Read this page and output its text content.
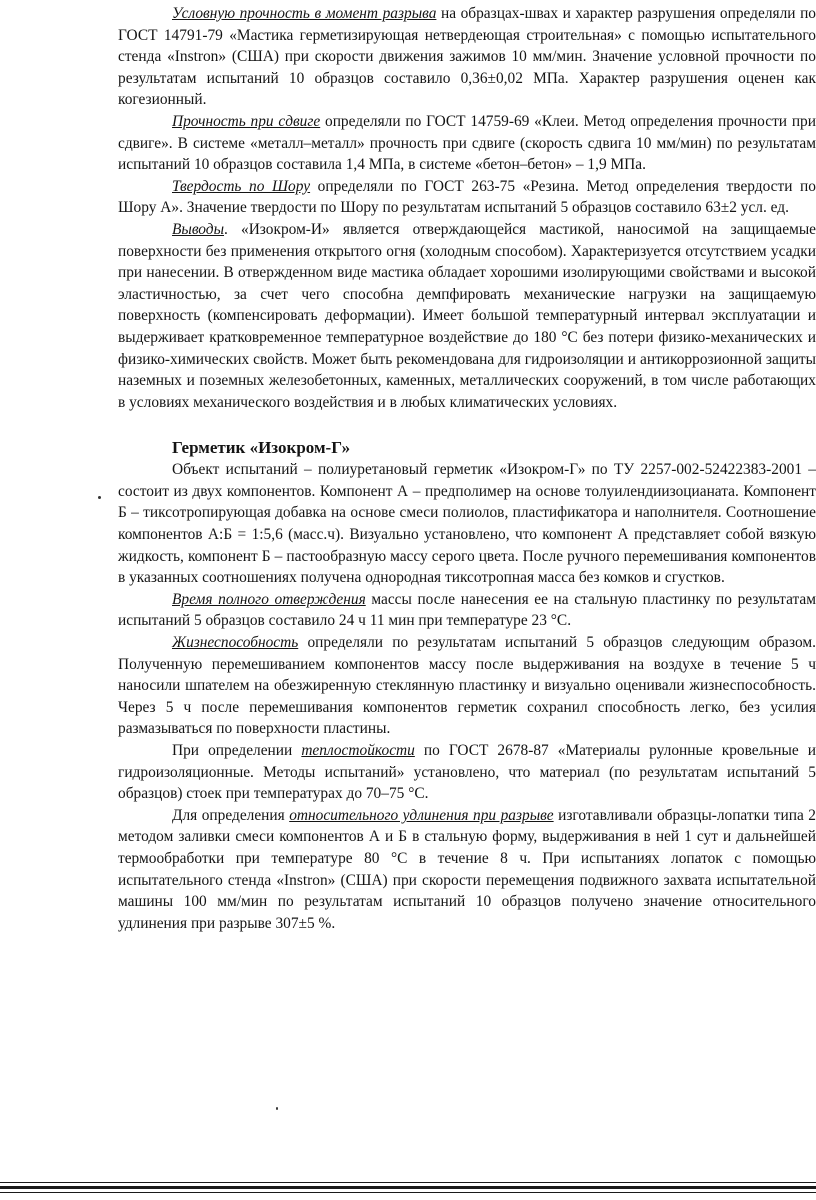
Условную прочность в момент разрыва на образцах-швах и характер разрушения определяли по ГОСТ 14791-79 «Мастика герметизирующая нетвердеющая строительная» с помощью испытательного стенда «Instron» (США) при скорости движения зажимов 10 мм/мин. Значение условной прочности по результатам испытаний 10 образцов составило 0,36±0,02 МПа. Характер разрушения оценен как когезионный.

Прочность при сдвиге определяли по ГОСТ 14759-69 «Клеи. Метод определения прочности при сдвиге». В системе «металл–металл» прочность при сдвиге (скорость сдвига 10 мм/мин) по результатам испытаний 10 образцов составила 1,4 МПа, в системе «бетон–бетон» – 1,9 МПа.

Твердость по Шору определяли по ГОСТ 263-75 «Резина. Метод определения твердости по Шору А». Значение твердости по Шору по результатам испытаний 5 образцов составило 63±2 усл. ед.

Выводы. «Изокром-И» является отверждающейся мастикой, наносимой на защищаемые поверхности без применения открытого огня (холодным способом). Характеризуется отсутствием усадки при нанесении. В отвержденном виде мастика обладает хорошими изолирующими свойствами и высокой эластичностью, за счет чего способна демпфировать механические нагрузки на защищаемую поверхность (компенсировать деформации). Имеет большой температурный интервал эксплуатации и выдерживает кратковременное температурное воздействие до 180 °С без потери физико-механических и физико-химических свойств. Может быть рекомендована для гидроизоляции и антикоррозионной защиты наземных и поземных железобетонных, каменных, металлических сооружений, в том числе работающих в условиях механического воздействия и в любых климатических условиях.

Герметик «Изокром-Г»

Объект испытаний – полиуретановый герметик «Изокром-Г» по ТУ 2257-002-52422383-2001 – состоит из двух компонентов. Компонент А – предполимер на основе толуилендиизоцианата. Компонент Б – тиксотропирующая добавка на основе смеси полиолов, пластификатора и наполнителя. Соотношение компонентов А:Б = 1:5,6 (масс.ч). Визуально установлено, что компонент А представляет собой вязкую жидкость, компонент Б – пастообразную массу серого цвета. После ручного перемешивания компонентов в указанных соотношениях получена однородная тиксотропная масса без комков и сгустков.

Время полного отверждения массы после нанесения ее на стальную пластинку по результатам испытаний 5 образцов составило 24 ч 11 мин при температуре 23 °С.

Жизнеспособность определяли по результатам испытаний 5 образцов следующим образом. Полученную перемешиванием компонентов массу после выдерживания на воздухе в течение 5 ч наносили шпателем на обезжиренную стеклянную пластинку и визуально оценивали жизнеспособность. Через 5 ч после перемешивания компонентов герметик сохранил способность легко, без усилия размазываться по поверхности пластины.

При определении теплостойкости по ГОСТ 2678-87 «Материалы рулонные кровельные и гидроизоляционные. Методы испытаний» установлено, что материал (по результатам испытаний 5 образцов) стоек при температурах до 70–75 °С.

Для определения относительного удлинения при разрыве изготавливали образцы-лопатки типа 2 методом заливки смеси компонентов А и Б в стальную форму, выдерживания в ней 1 сут и дальнейшей термообработки при температуре 80 °С в течение 8 ч. При испытаниях лопаток с помощью испытательного стенда «Instron» (США) при скорости перемещения подвижного захвата испытательной машины 100 мм/мин по результатам испытаний 10 образцов получено значение относительного удлинения при разрыве 307±5 %.
